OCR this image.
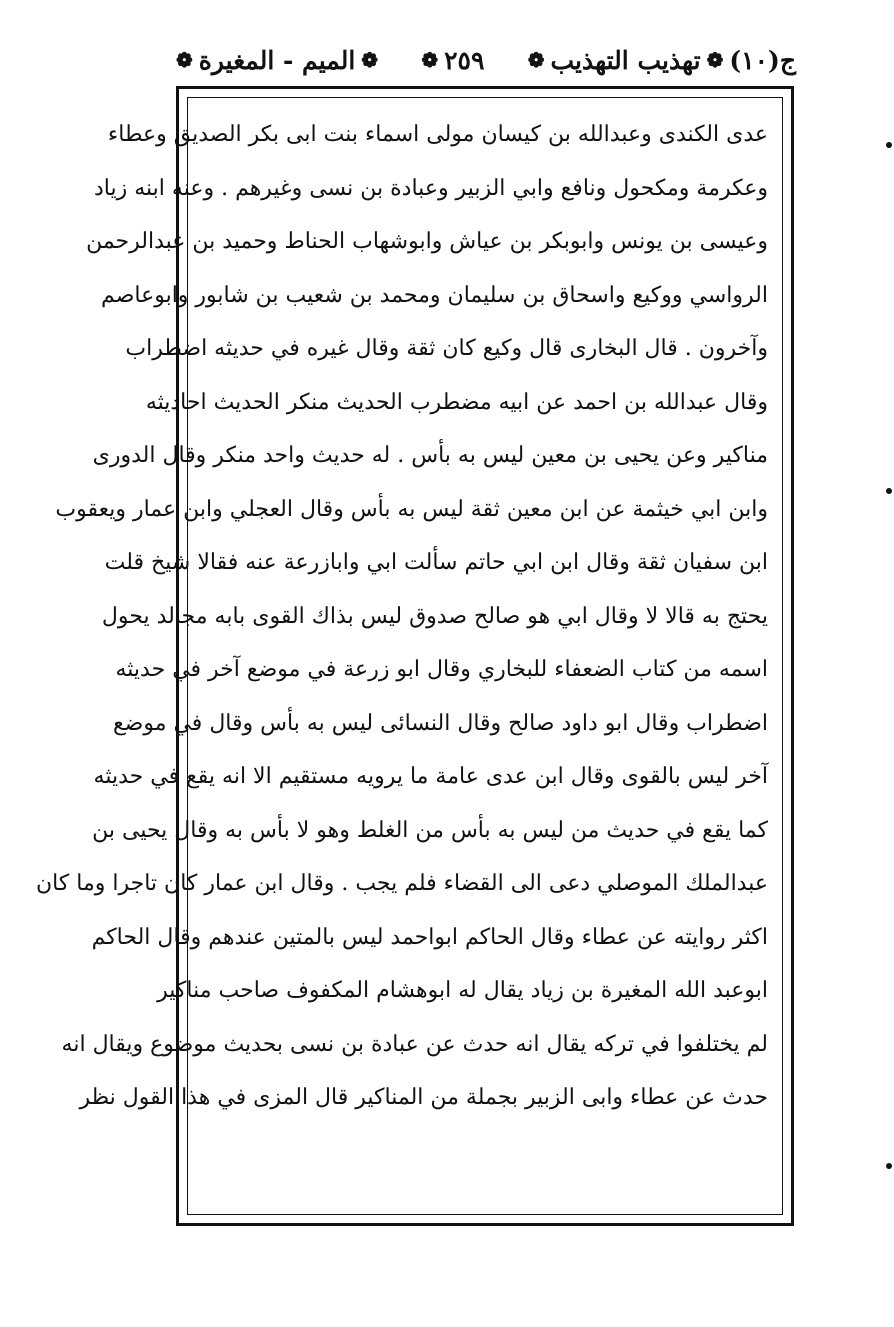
ج(١٠)
❁
تهذيب التهذيب
❁
٢٥٩
❁
❁
الميم - المغيرة
❁
عدى الكندى وعبدالله بن كيسان مولى اسماء بنت ابى بكر الصديق وعطاء
وعكرمة ومكحول ونافع وابي الزبير وعبادة بن نسى وغيرهم . وعنه ابنه زياد
وعيسى بن يونس وابوبكر بن عياش وابوشهاب الحناط وحميد بن عبدالرحمن
الرواسي ووكيع واسحاق بن سليمان ومحمد بن شعيب بن شابور وابوعاصم
وآخرون . قال البخارى قال وكيع كان ثقة وقال غيره في حديثه اضطراب
وقال عبدالله بن احمد عن ابيه مضطرب الحديث منكر الحديث احاديثه
مناكير وعن يحيى بن معين ليس به بأس . له حديث واحد منكر وقال الدورى
وابن ابي خيثمة عن ابن معين ثقة ليس به بأس وقال العجلي وابن عمار ويعقوب
ابن سفيان ثقة وقال ابن ابي حاتم سألت ابي وابازرعة عنه فقالا شيخ قلت
يحتج به قالا لا وقال ابي هو صالح صدوق ليس بذاك القوى بابه مجالد يحول
اسمه من كتاب الضعفاء للبخاري وقال ابو زرعة في موضع آخر في حديثه
اضطراب وقال ابو داود صالح وقال النسائى ليس به بأس وقال في موضع
آخر ليس بالقوى وقال ابن عدى عامة ما يرويه مستقيم الا انه يقع في حديثه
كما يقع في حديث من ليس به بأس من الغلط وهو لا بأس به وقال يحيى بن
عبدالملك الموصلي دعى الى القضاء فلم يجب . وقال ابن عمار كان تاجرا وما كان
اكثر روايته عن عطاء وقال الحاكم ابواحمد ليس بالمتين عندهم وقال الحاكم
ابوعبد الله المغيرة بن زياد يقال له ابوهشام المكفوف صاحب مناكير
لم يختلفوا في تركه يقال انه حدث عن عبادة بن نسى بحديث موضوع ويقال انه
حدث عن عطاء وابى الزبير بجملة من المناكير قال المزى في هذا القول نظر
